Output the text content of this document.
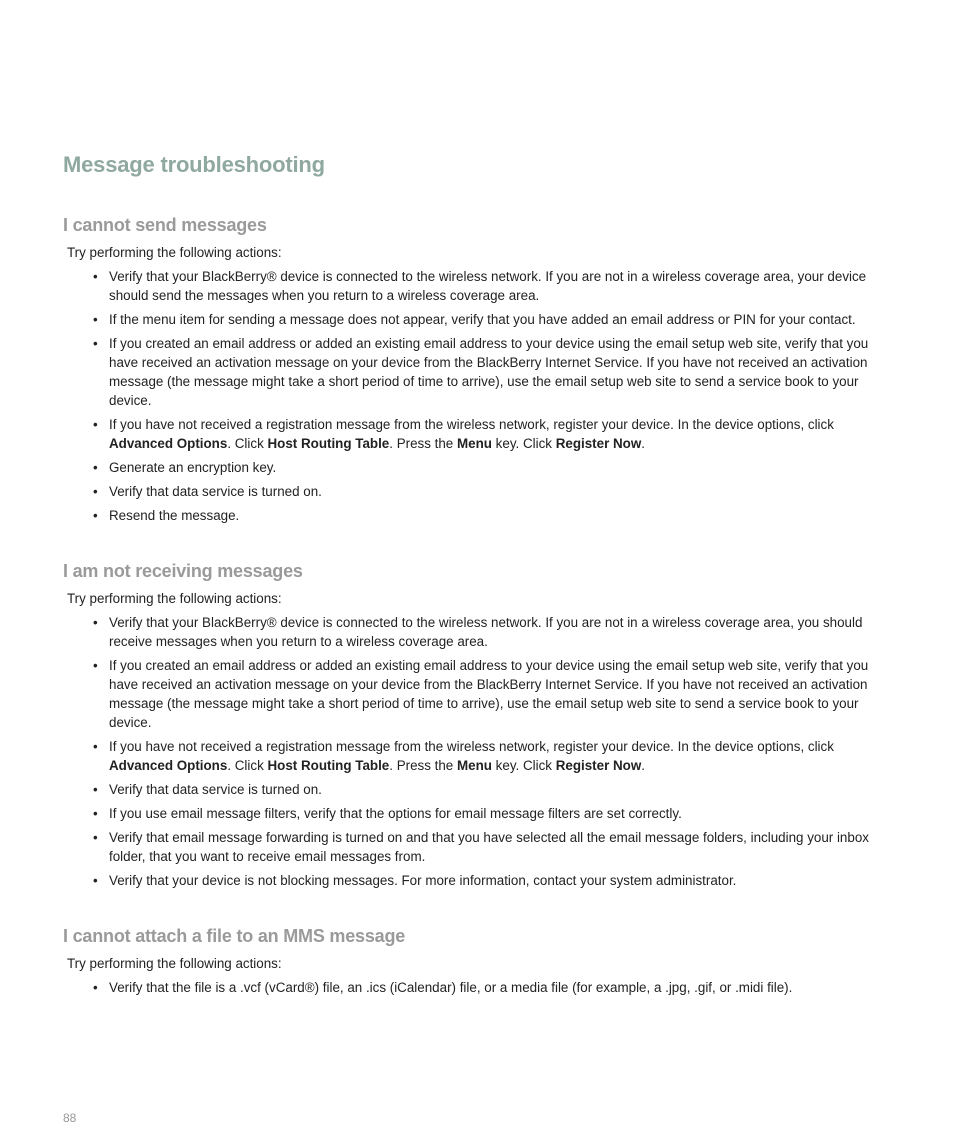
Message troubleshooting
I cannot send messages

Try performing the following actions:

• Verify that your BlackBerry® device is connected to the wireless network. If you are not in a wireless coverage area, your device should send the messages when you return to a wireless coverage area.
• If the menu item for sending a message does not appear, verify that you have added an email address or PIN for your contact.
• If you created an email address or added an existing email address to your device using the email setup web site, verify that you have received an activation message on your device from the BlackBerry Internet Service. If you have not received an activation message (the message might take a short period of time to arrive), use the email setup web site to send a service book to your device.
• If you have not received a registration message from the wireless network, register your device. In the device options, click Advanced Options. Click Host Routing Table. Press the Menu key. Click Register Now.
• Generate an encryption key.
• Verify that data service is turned on.
• Resend the message.
I am not receiving messages

Try performing the following actions:

• Verify that your BlackBerry® device is connected to the wireless network. If you are not in a wireless coverage area, you should receive messages when you return to a wireless coverage area.
• If you created an email address or added an existing email address to your device using the email setup web site, verify that you have received an activation message on your device from the BlackBerry Internet Service. If you have not received an activation message (the message might take a short period of time to arrive), use the email setup web site to send a service book to your device.
• If you have not received a registration message from the wireless network, register your device. In the device options, click Advanced Options. Click Host Routing Table. Press the Menu key. Click Register Now.
• Verify that data service is turned on.
• If you use email message filters, verify that the options for email message filters are set correctly.
• Verify that email message forwarding is turned on and that you have selected all the email message folders, including your inbox folder, that you want to receive email messages from.
• Verify that your device is not blocking messages. For more information, contact your system administrator.
I cannot attach a file to an MMS message

Try performing the following actions:

• Verify that the file is a .vcf (vCard®) file, an .ics (iCalendar) file, or a media file (for example, a .jpg, .gif, or .midi file).
88
